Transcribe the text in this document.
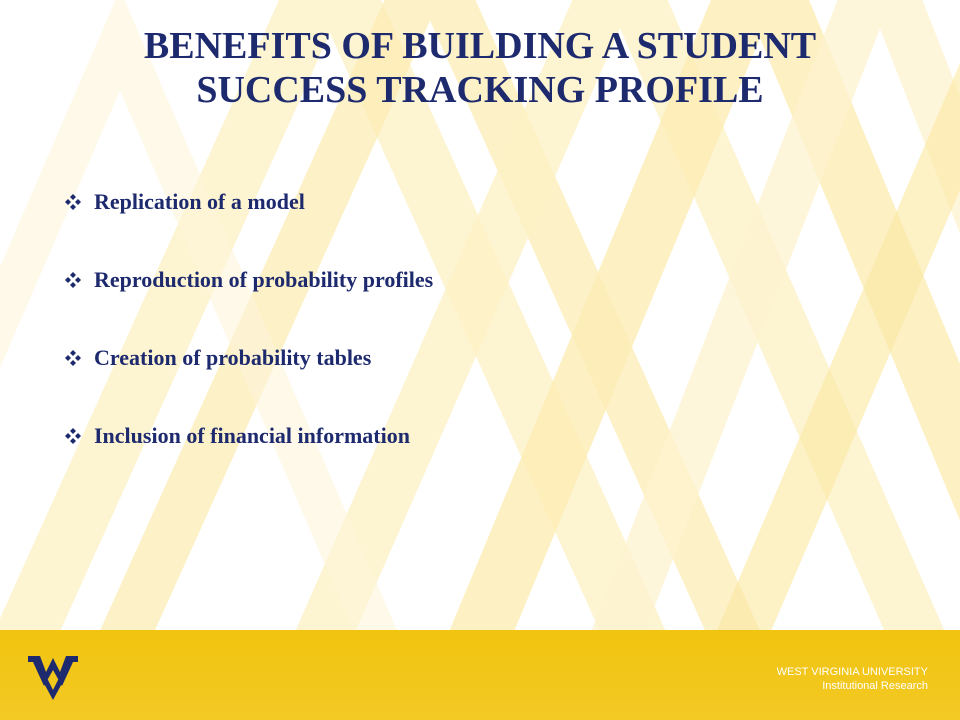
BENEFITS OF BUILDING A STUDENT
SUCCESS TRACKING PROFILE
Replication of a model
Reproduction of probability profiles
Creation of probability tables
Inclusion of financial information
WEST VIRGINIA UNIVERSITY
Institutional Research
